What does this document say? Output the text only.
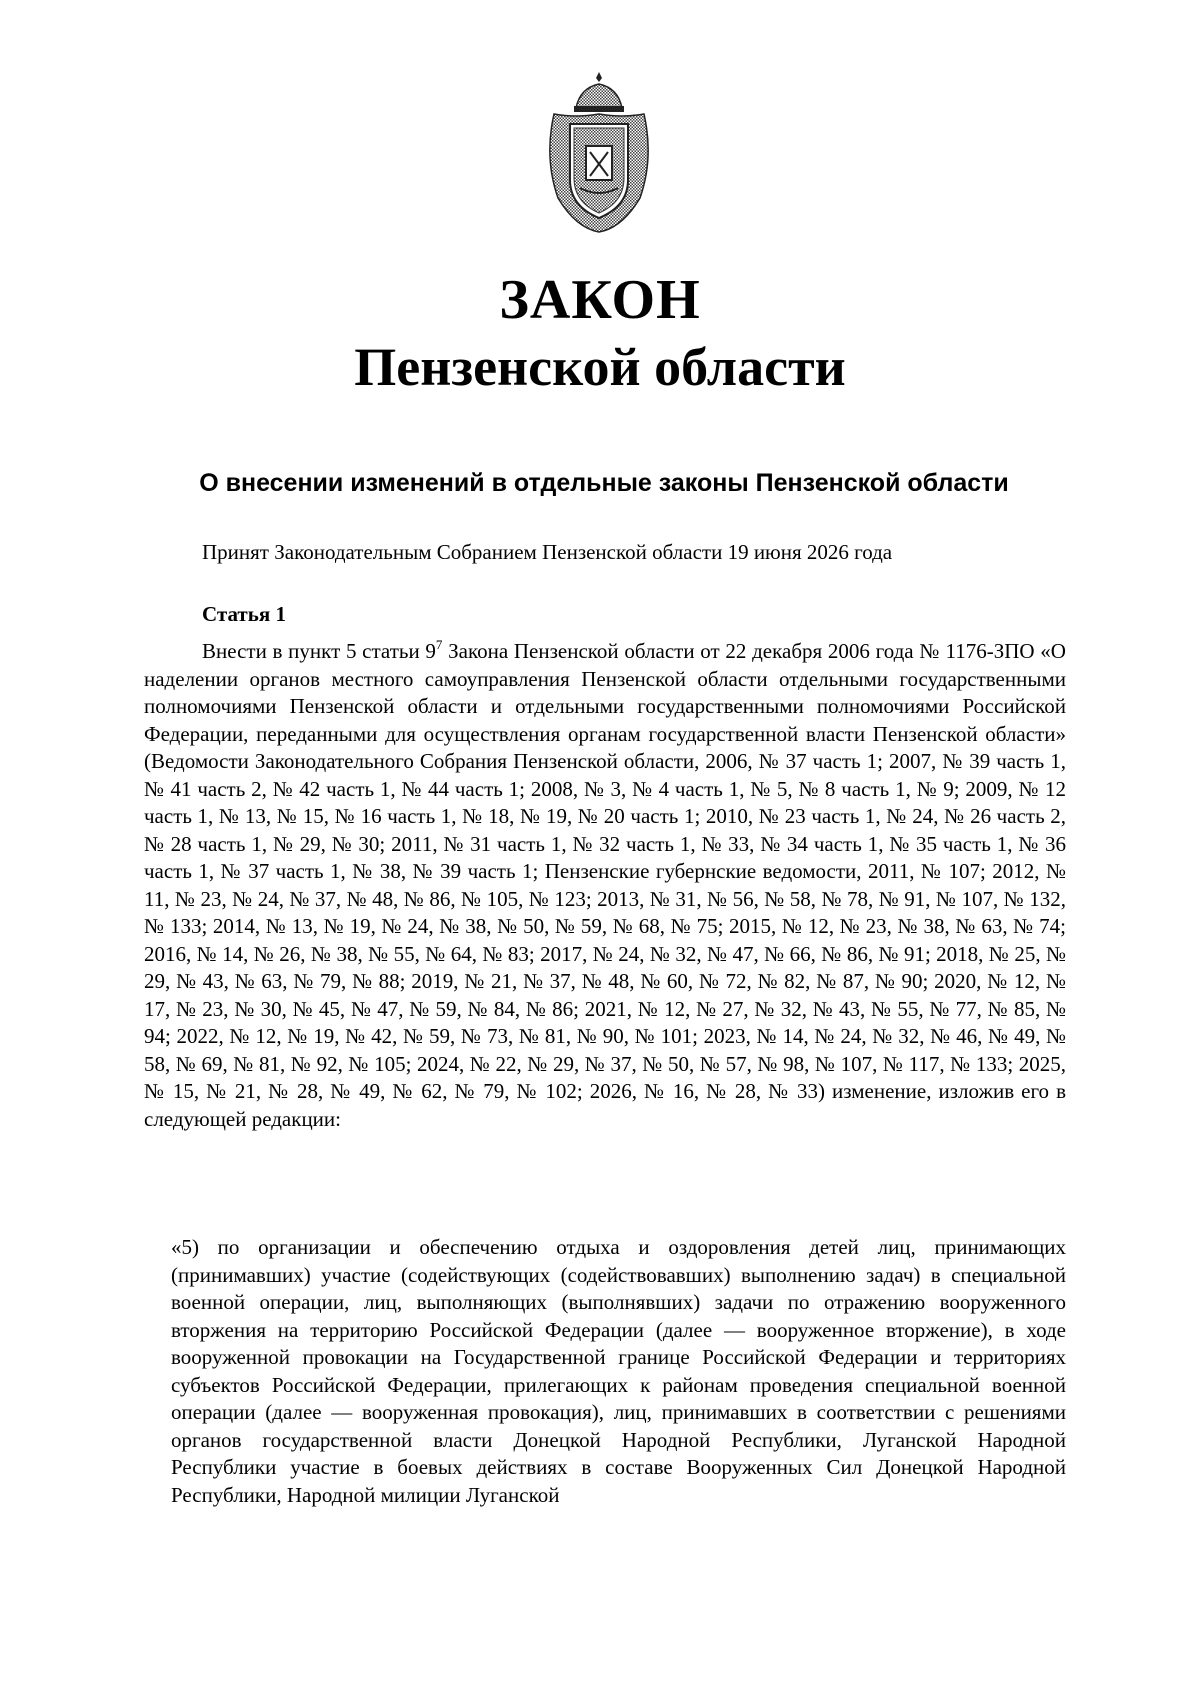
ЗАКОН
Пензенской области
О внесении изменений в отдельные законы Пензенской области
Принят Законодательным Собранием Пензенской области 19 июня 2026 года
Статья 1

Внести в пункт 5 статьи $9^7$ Закона Пензенской области от 22 декабря 2006 года № 1176-ЗПО «О наделении органов местного самоуправления Пензенской области отдельными государственными полномочиями Пензенской области и отдельными государственными полномочиями Российской Федерации, переданными для осуществления органам государственной власти Пензенской области» (Ведомости Законодательного Собрания Пензенской области, 2006, № 37 часть 1; 2007, № 39 часть 1, № 41 часть 2, № 42 часть 1, № 44 часть 1; 2008, № 3, № 4 часть 1, № 5, № 8 часть 1, № 9; 2009, № 12 часть 1, № 13, № 15, № 16 часть 1, № 18, № 19, № 20 часть 1; 2010, № 23 часть 1, № 24, № 26 часть 2, № 28 часть 1, № 29, № 30; 2011, № 31 часть 1, № 32 часть 1, № 33, № 34 часть 1, № 35 часть 1, № 36 часть 1, № 37 часть 1, № 38, № 39 часть 1; Пензенские губернские ведомости, 2011, № 107; 2012, № 11, № 23, № 24, № 37, № 48, № 86, № 105, № 123; 2013, № 31, № 56, № 58, № 78, № 91, № 107, № 132, № 133; 2014, № 13, № 19, № 24, № 38, № 50, № 59, № 68, № 75; 2015, № 12, № 23, № 38, № 63, № 74; 2016, № 14, № 26, № 38, № 55, № 64, № 83; 2017, № 24, № 32, № 47, № 66, № 86, № 91; 2018, № 25, № 29, № 43, № 63, № 79, № 88; 2019, № 21, № 37, № 48, № 60, № 72, № 82, № 87, № 90; 2020, № 12, № 17, № 23, № 30, № 45, № 47, № 59, № 84, № 86; 2021, № 12, № 27, № 32, № 43, № 55, № 77, № 85, № 94; 2022, № 12, № 19, № 42, № 59, № 73, № 81, № 90, № 101; 2023, № 14, № 24, № 32, № 46, № 49, № 58, № 69, № 81, № 92, № 105; 2024, № 22, № 29, № 37, № 50, № 57, № 98, № 107, № 117, № 133; 2025, № 15, № 21, № 28, № 49, № 62, № 79, № 102; 2026, № 16, № 28, № 33) изменение, изложив его в следующей редакции:

«5) по организации и обеспечению отдыха и оздоровления детей лиц, принимающих (принимавших) участие (содействующих (содействовавших) выполнению задач) в специальной военной операции, лиц, выполняющих (выполнявших) задачи по отражению вооруженного вторжения на территорию Российской Федерации (далее — вооруженное вторжение), в ходе вооруженной провокации на Государственной границе Российской Федерации и территориях субъектов Российской Федерации, прилегающих к районам проведения специальной военной операции (далее — вооруженная провокация), лиц, принимавших в соответствии с решениями органов государственной власти Донецкой Народной Республики, Луганской Народной Республики участие в боевых действиях в составе Вооруженных Сил Донецкой Народной Республики, Народной милиции Луганской
